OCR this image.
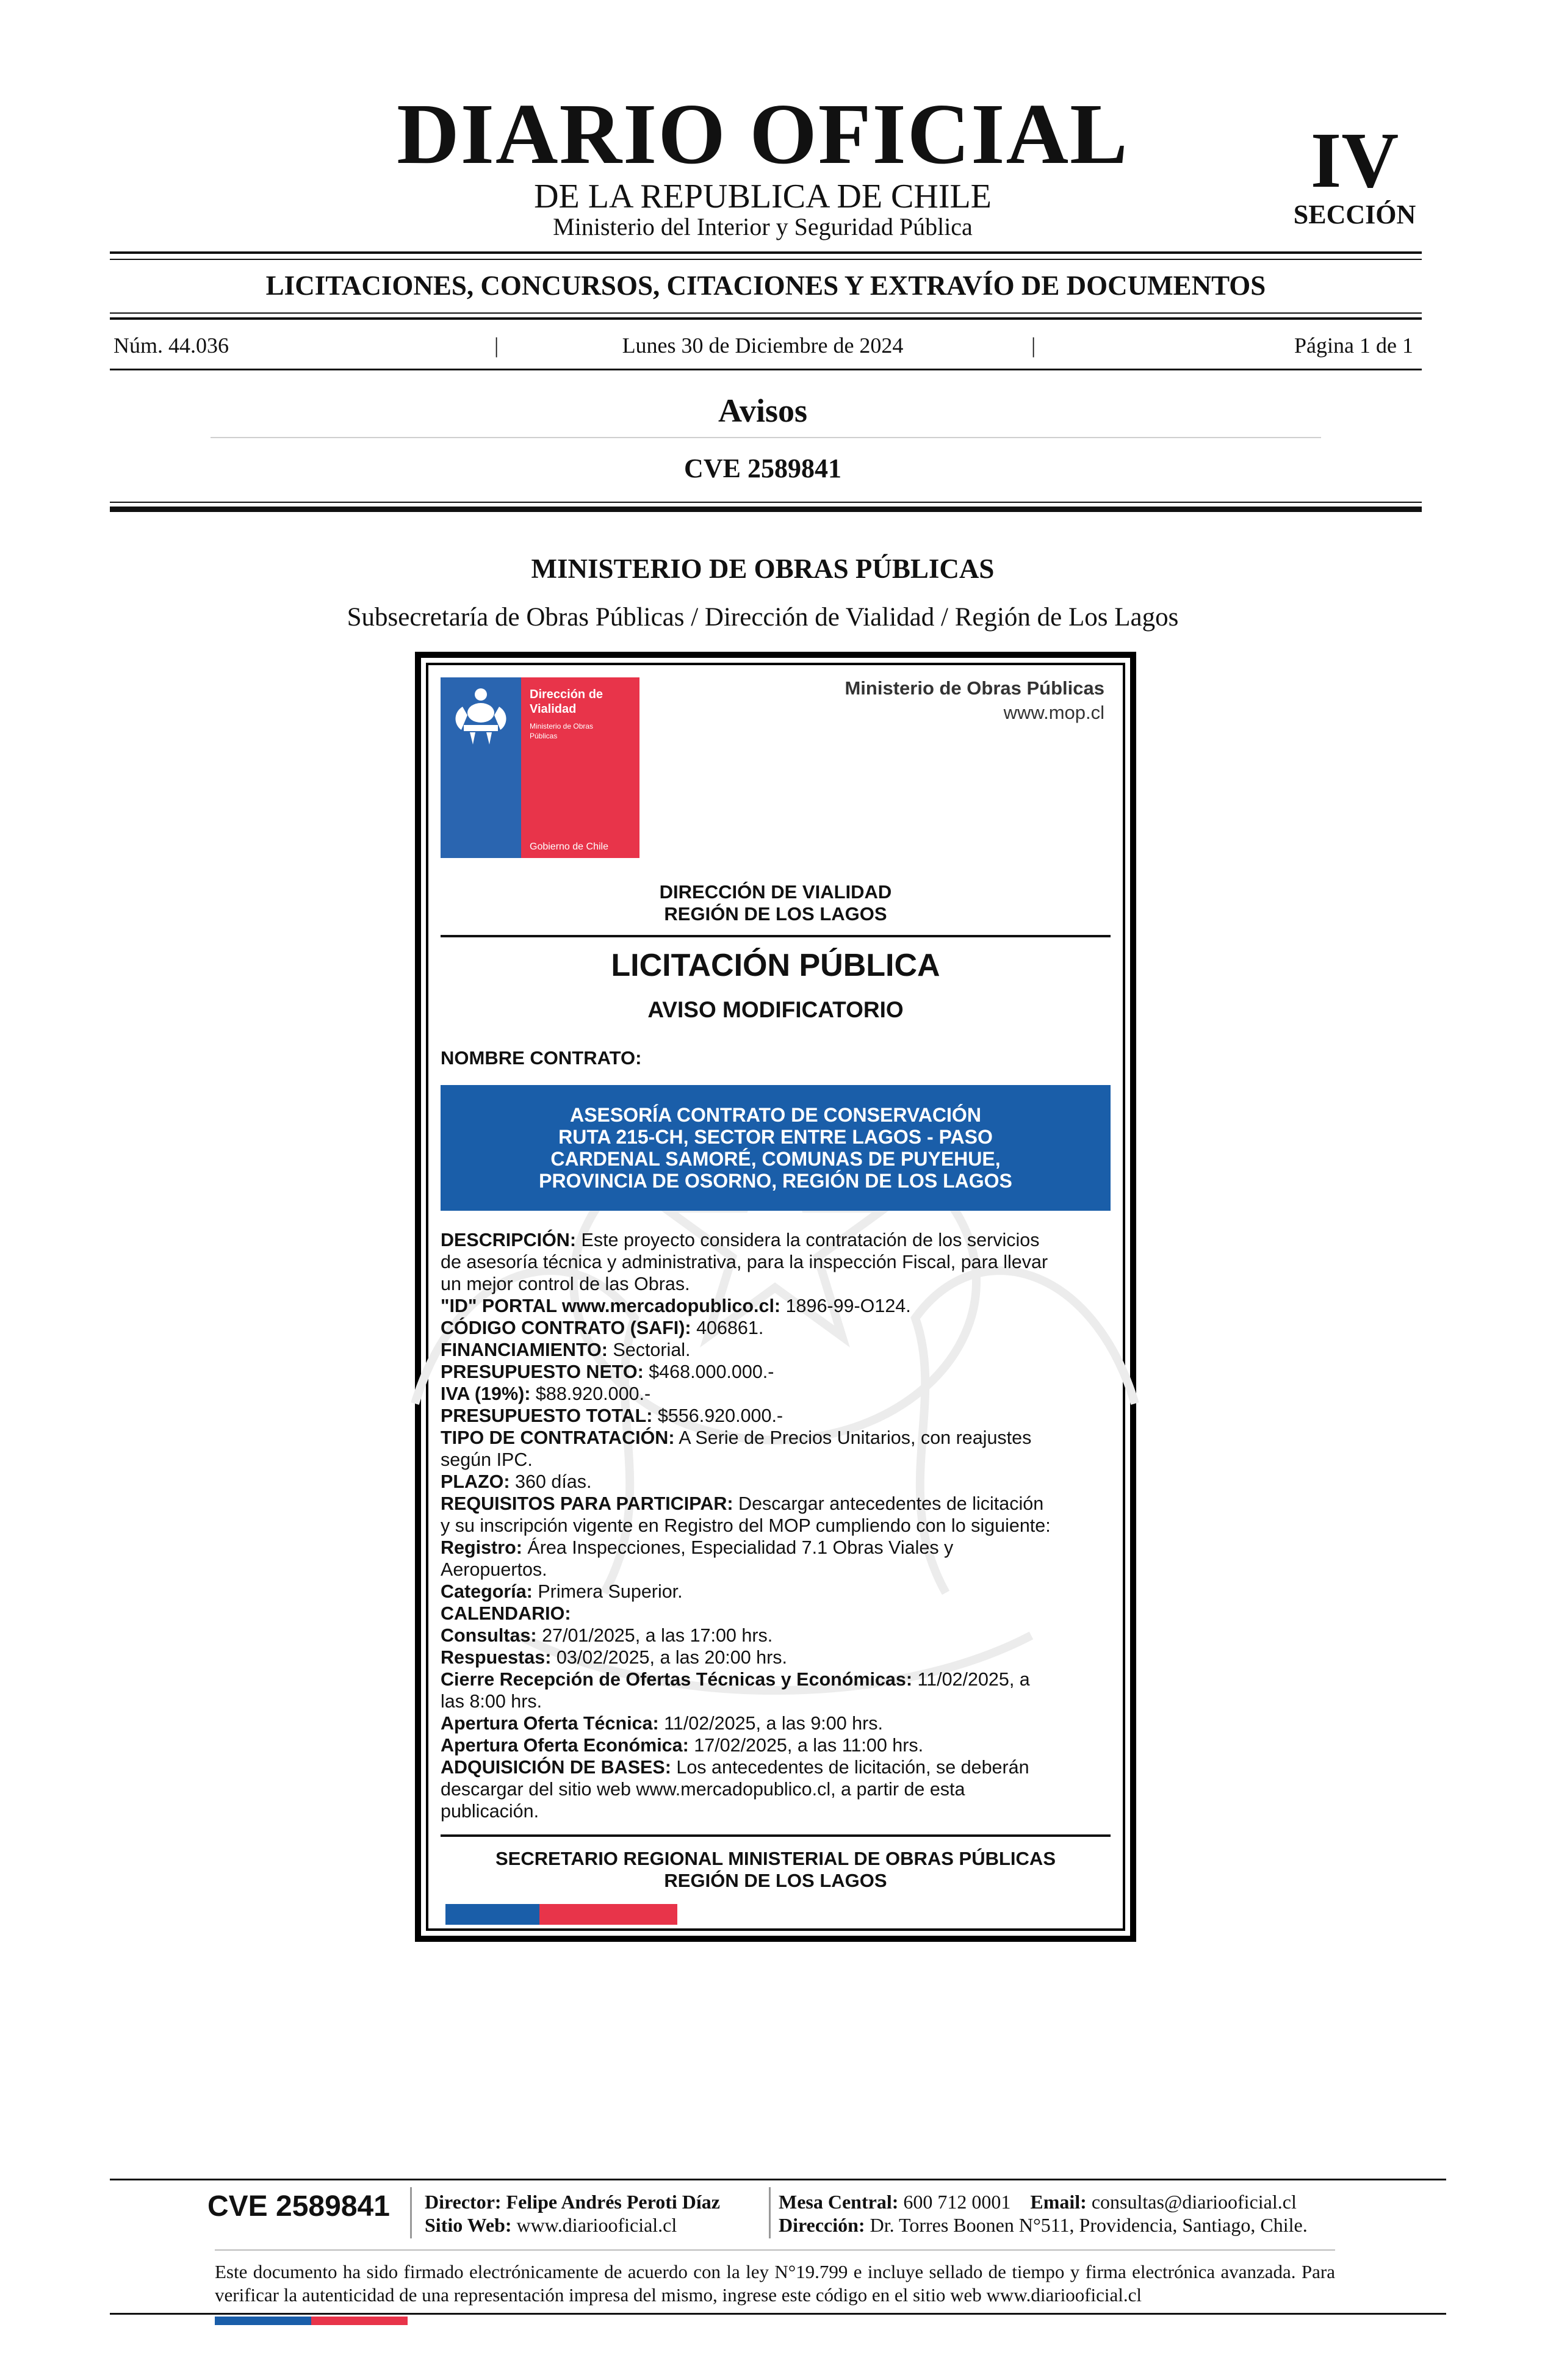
DIARIO OFICIAL
DE LA REPUBLICA DE CHILE
Ministerio del Interior y Seguridad Pública
IV
SECCIÓN
LICITACIONES, CONCURSOS, CITACIONES Y EXTRAVÍO DE DOCUMENTOS
Núm. 44.036	|	Lunes 30 de Diciembre de 2024	|	Página 1 de 1
Avisos
CVE 2589841
MINISTERIO DE OBRAS PÚBLICAS
Subsecretaría de Obras Públicas / Dirección de Vialidad / Región de Los Lagos
Dirección de
Vialidad
Ministerio de Obras
Públicas
Gobierno de Chile
Ministerio de Obras Públicas
www.mop.cl
DIRECCIÓN DE VIALIDAD
REGIÓN DE LOS LAGOS
LICITACIÓN PÚBLICA
AVISO MODIFICATORIO
NOMBRE CONTRATO:
ASESORÍA CONTRATO DE CONSERVACIÓN
RUTA 215-CH, SECTOR ENTRE LAGOS - PASO
CARDENAL SAMORÉ, COMUNAS DE PUYEHUE,
PROVINCIA DE OSORNO, REGIÓN DE LOS LAGOS
DESCRIPCIÓN: Este proyecto considera la contratación de los servicios
de asesoría técnica y administrativa, para la inspección Fiscal, para llevar
un mejor control de las Obras.
"ID" PORTAL www.mercadopublico.cl: 1896-99-O124.
CÓDIGO CONTRATO (SAFI): 406861.
FINANCIAMIENTO: Sectorial.
PRESUPUESTO NETO: $468.000.000.-
IVA (19%): $88.920.000.-
PRESUPUESTO TOTAL: $556.920.000.-
TIPO DE CONTRATACIÓN: A Serie de Precios Unitarios, con reajustes
según IPC.
PLAZO: 360 días.
REQUISITOS PARA PARTICIPAR: Descargar antecedentes de licitación
y su inscripción vigente en Registro del MOP cumpliendo con lo siguiente:
Registro: Área Inspecciones, Especialidad 7.1 Obras Viales y
Aeropuertos.
Categoría: Primera Superior.
CALENDARIO:
Consultas: 27/01/2025, a las 17:00 hrs.
Respuestas: 03/02/2025, a las 20:00 hrs.
Cierre Recepción de Ofertas Técnicas y Económicas: 11/02/2025, a
las 8:00 hrs.
Apertura Oferta Técnica: 11/02/2025, a las 9:00 hrs.
Apertura Oferta Económica: 17/02/2025, a las 11:00 hrs.
ADQUISICIÓN DE BASES: Los antecedentes de licitación, se deberán
descargar del sitio web www.mercadopublico.cl, a partir de esta
publicación.
SECRETARIO REGIONAL MINISTERIAL DE OBRAS PÚBLICAS
REGIÓN DE LOS LAGOS
CVE 2589841 Director: Felipe Andrés Peroti Díaz
Sitio Web: www.diariooficial.cl
Mesa Central: 600 712 0001 Email: consultas@diariooficial.cl
Dirección: Dr. Torres Boonen N°511, Providencia, Santiago, Chile.
Este documento ha sido firmado electrónicamente de acuerdo con la ley N°19.799 e incluye sellado de tiempo y firma electrónica avanzada. Para verificar la autenticidad de una representación impresa del mismo, ingrese este código en el sitio web www.diariooficial.cl
